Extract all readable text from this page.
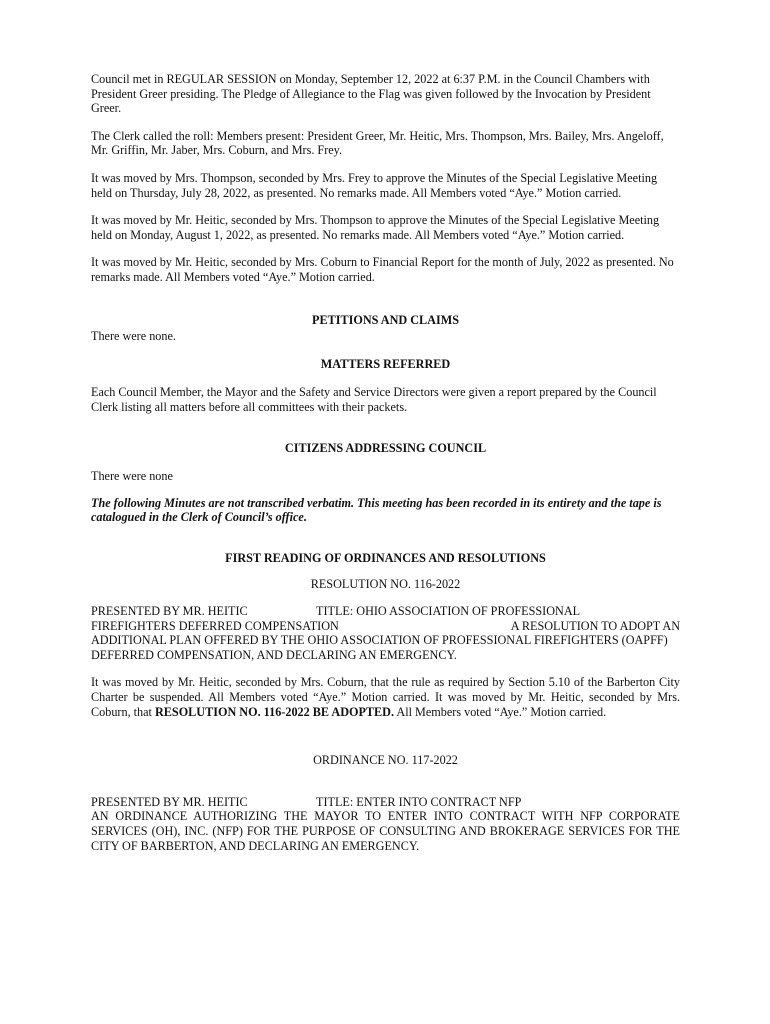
Council met in REGULAR SESSION on Monday, September 12, 2022 at 6:37 P.M. in the Council Chambers with President Greer presiding. The Pledge of Allegiance to the Flag was given followed by the Invocation by President Greer.

The Clerk called the roll: Members present: President Greer, Mr. Heitic, Mrs. Thompson, Mrs. Bailey, Mrs. Angeloff, Mr. Griffin, Mr. Jaber, Mrs. Coburn, and Mrs. Frey.

It was moved by Mrs. Thompson, seconded by Mrs. Frey to approve the Minutes of the Special Legislative Meeting held on Thursday, July 28, 2022, as presented. No remarks made. All Members voted “Aye.” Motion carried.

It was moved by Mr. Heitic, seconded by Mrs. Thompson to approve the Minutes of the Special Legislative Meeting held on Monday, August 1, 2022, as presented. No remarks made. All Members voted “Aye.” Motion carried.

It was moved by Mr. Heitic, seconded by Mrs. Coburn to Financial Report for the month of July, 2022 as presented. No remarks made. All Members voted “Aye.” Motion carried.

PETITIONS AND CLAIMS

There were none.

MATTERS REFERRED

Each Council Member, the Mayor and the Safety and Service Directors were given a report prepared by the Council Clerk listing all matters before all committees with their packets.

CITIZENS ADDRESSING COUNCIL

There were none

The following Minutes are not transcribed verbatim. This meeting has been recorded in its entirety and the tape is catalogued in the Clerk of Council’s office.

FIRST READING OF ORDINANCES AND RESOLUTIONS

RESOLUTION NO. 116-2022

PRESENTED BY MR. HEITIC	TITLE: OHIO ASSOCIATION OF PROFESSIONAL
FIREFIGHTERS DEFERRED COMPENSATION	A RESOLUTION TO ADOPT AN
ADDITIONAL PLAN OFFERED BY THE OHIO ASSOCIATION OF PROFESSIONAL FIREFIGHTERS (OAPFF) DEFERRED COMPENSATION, AND DECLARING AN EMERGENCY.

It was moved by Mr. Heitic, seconded by Mrs. Coburn, that the rule as required by Section 5.10 of the Barberton City Charter be suspended. All Members voted “Aye.” Motion carried. It was moved by Mr. Heitic, seconded by Mrs. Coburn, that RESOLUTION NO. 116-2022 BE ADOPTED. All Members voted “Aye.” Motion carried.

ORDINANCE NO. 117-2022

PRESENTED BY MR. HEITIC	TITLE: ENTER INTO CONTRACT NFP
AN ORDINANCE AUTHORIZING THE MAYOR TO ENTER INTO CONTRACT WITH NFP CORPORATE SERVICES (OH), INC. (NFP) FOR THE PURPOSE OF CONSULTING AND BROKERAGE SERVICES FOR THE CITY OF BARBERTON, AND DECLARING AN EMERGENCY.
